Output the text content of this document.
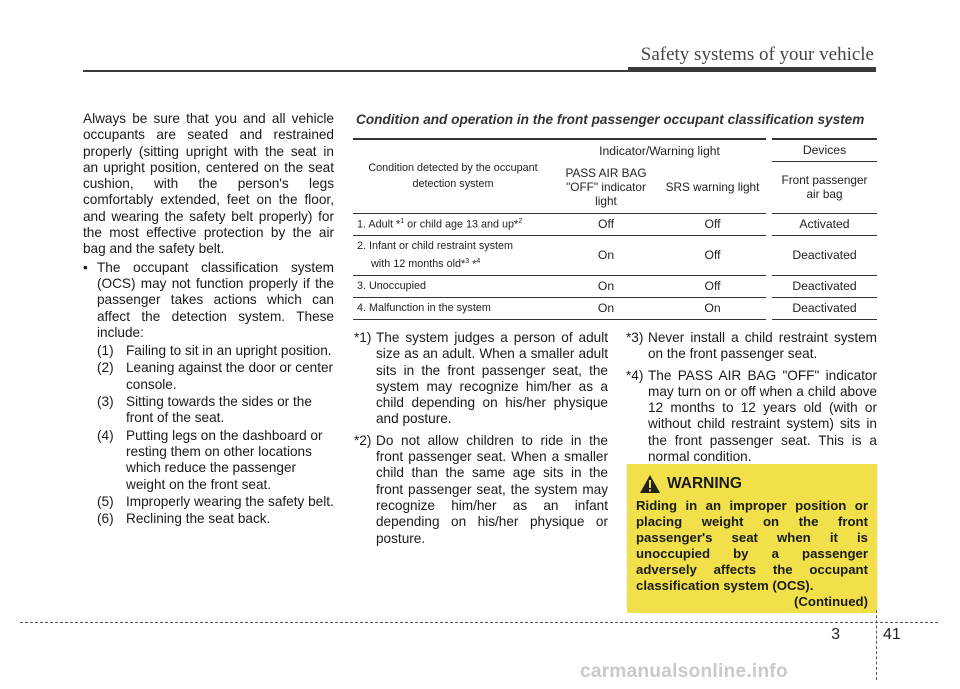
Safety systems of your vehicle

Always be sure that you and all vehicle occupants are seated and restrained properly (sitting upright with the seat in an upright position, centered on the seat cushion, with the person's legs comfortably extended, feet on the floor, and wearing the safety belt properly) for the most effective protection by the air bag and the safety belt.

• The occupant classification system (OCS) may not function properly if the passenger takes actions which can affect the detection system. These include:
(1) Failing to sit in an upright position.
(2) Leaning against the door or center console.
(3) Sitting towards the sides or the front of the seat.
(4) Putting legs on the dashboard or resting them on other locations which reduce the passenger weight on the front seat.
(5) Improperly wearing the safety belt.
(6) Reclining the seat back.
Condition and operation in the front passenger occupant classification system
Condition detected by the occupant detection system	Indicator/Warning light		Devices
	PASS AIR BAG "OFF" indicator light	SRS warning light	Front passenger air bag
1. Adult *$^1$ or child age 13 and up*$^2$	Off	Off	Activated
2. Infant or child restraint system
with 12 months old*$^3$ *$^4$	On	Off	Deactivated
3. Unoccupied	On	Off	Deactivated
4. Malfunction in the system	On	On	Deactivated
*1) The system judges a person of adult size as an adult. When a smaller adult sits in the front passenger seat, the system may recognize him/her as a child depending on his/her physique and posture.
*2) Do not allow children to ride in the front passenger seat. When a smaller child than the same age sits in the front passenger seat, the system may recognize him/her as an infant depending on his/her physique or posture.
*3) Never install a child restraint system on the front passenger seat.
*4) The PASS AIR BAG "OFF" indicator may turn on or off when a child above 12 months to 12 years old (with or without child restraint system) sits in the front passenger seat. This is a normal condition.
WARNING
Riding in an improper position or placing weight on the front passenger's seat when it is unoccupied by a passenger adversely affects the occupant classification system (OCS).
(Continued)
3	41
carmanualsonline.info
